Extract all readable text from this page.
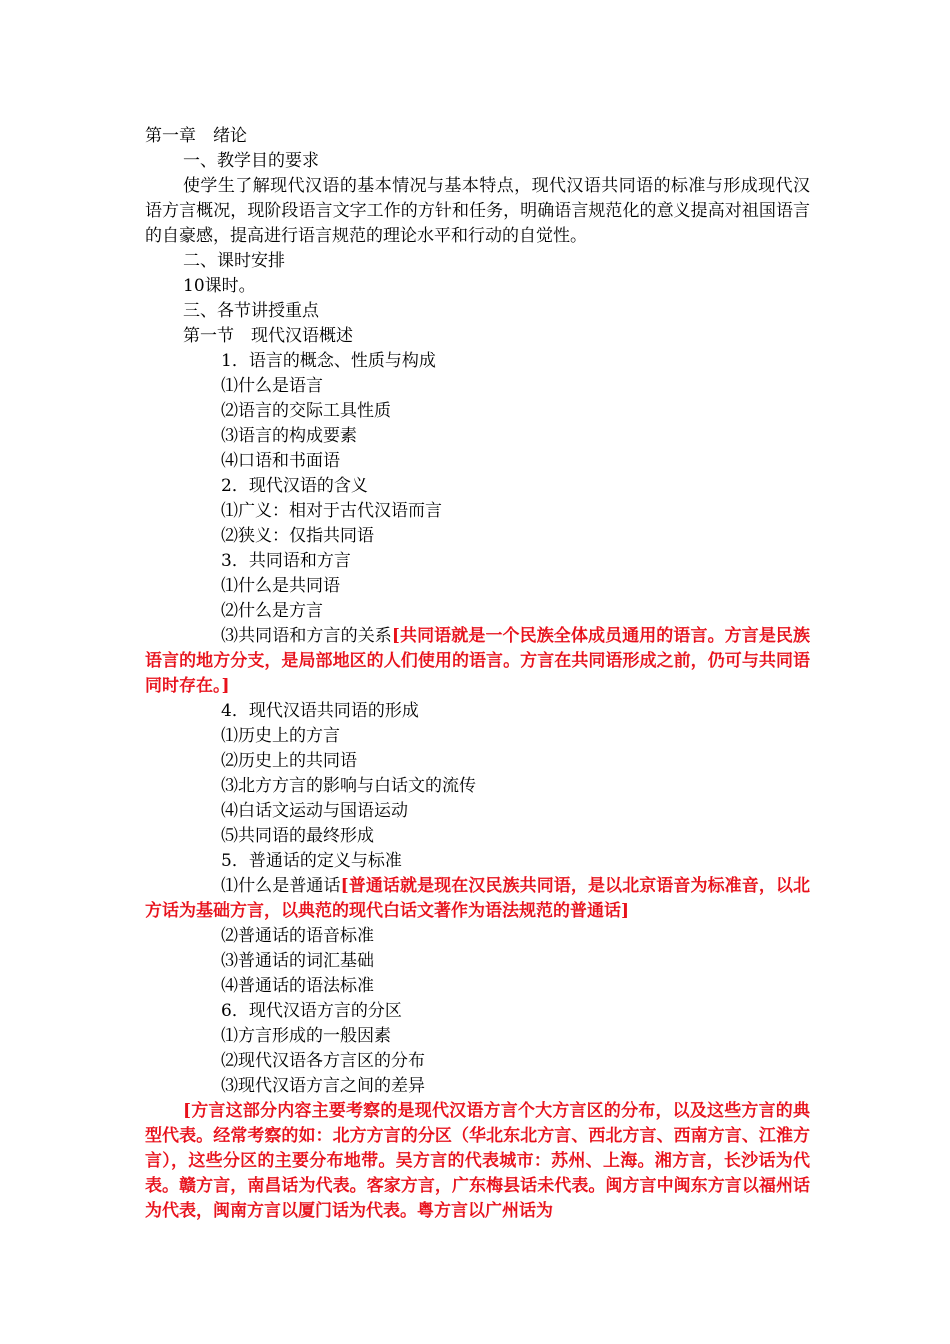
第一章　绪论
一、教学目的要求
使学生了解现代汉语的基本情况与基本特点，现代汉语共同语的标准与形成现代汉语方言概况，现阶段语言文字工作的方针和任务，明确语言规范化的意义提高对祖国语言的自豪感，提高进行语言规范的理论水平和行动的自觉性。
二、课时安排
10课时。
三、各节讲授重点
第一节　现代汉语概述
1．语言的概念、性质与构成
⑴什么是语言
⑵语言的交际工具性质
⑶语言的构成要素
⑷口语和书面语
2．现代汉语的含义
⑴广义：相对于古代汉语而言
⑵狭义：仅指共同语
3．共同语和方言
⑴什么是共同语
⑵什么是方言
⑶共同语和方言的关系[共同语就是一个民族全体成员通用的语言。方言是民族语言的地方分支，是局部地区的人们使用的语言。方言在共同语形成之前，仍可与共同语同时存在。]
4．现代汉语共同语的形成
⑴历史上的方言
⑵历史上的共同语
⑶北方方言的影响与白话文的流传
⑷白话文运动与国语运动
⑸共同语的最终形成
5．普通话的定义与标准
⑴什么是普通话[普通话就是现在汉民族共同语，是以北京语音为标准音，以北方话为基础方言，以典范的现代白话文著作为语法规范的普通话]
⑵普通话的语音标准
⑶普通话的词汇基础
⑷普通话的语法标准
6．现代汉语方言的分区
⑴方言形成的一般因素
⑵现代汉语各方言区的分布
⑶现代汉语方言之间的差异
[方言这部分内容主要考察的是现代汉语方言个大方言区的分布，以及这些方言的典型代表。经常考察的如：北方方言的分区（华北东北方言、西北方言、西南方言、江淮方言），这些分区的主要分布地带。吴方言的代表城市：苏州、上海。湘方言，长沙话为代表。赣方言，南昌话为代表。客家方言，广东梅县话未代表。闽方言中闽东方言以福州话为代表，闽南方言以厦门话为代表。粤方言以广州话为
